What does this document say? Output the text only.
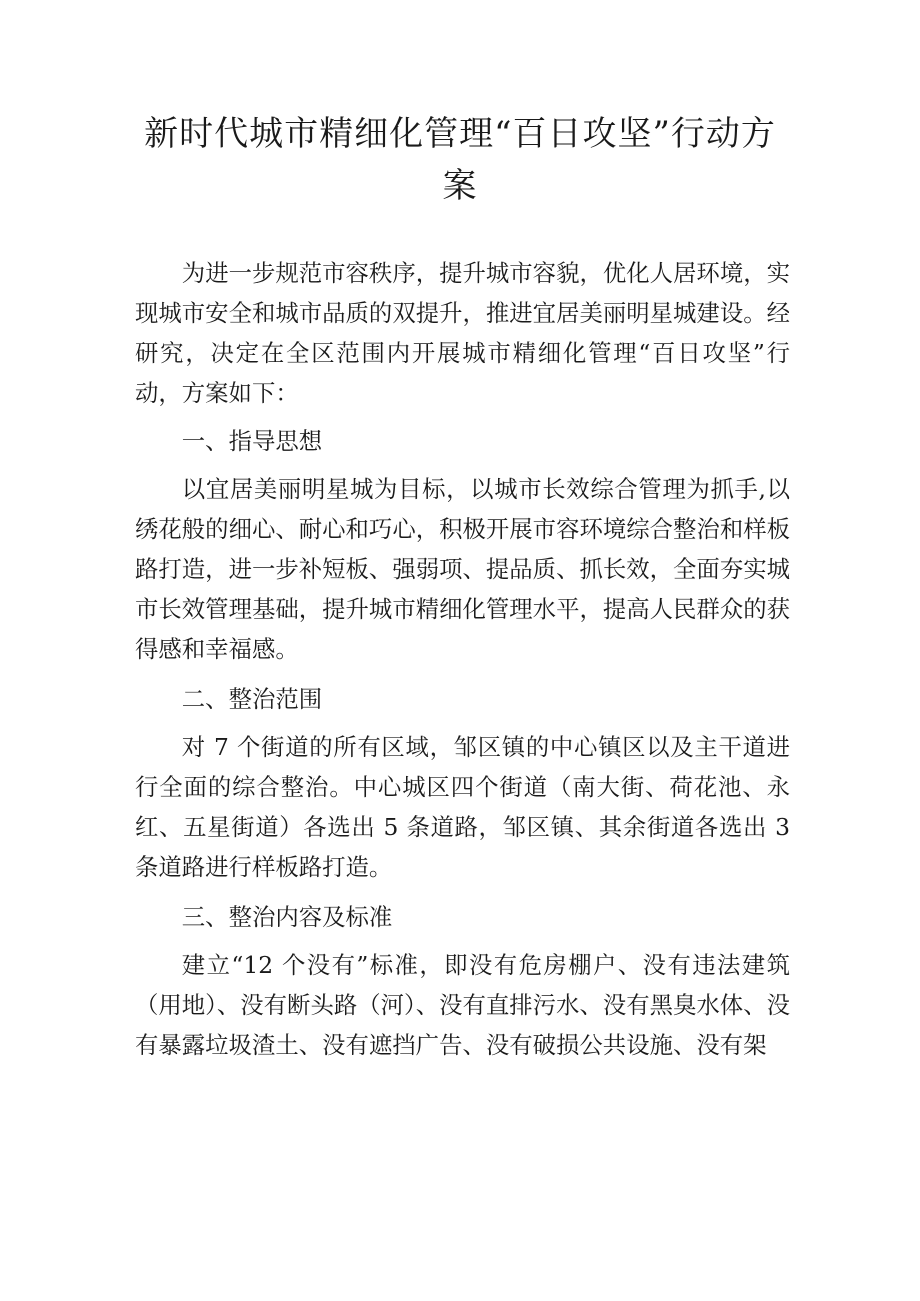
新时代城市精细化管理“百日攻坚”行动方案

为进一步规范市容秩序，提升城市容貌，优化人居环境，实现城市安全和城市品质的双提升，推进宜居美丽明星城建设。经研究，决定在全区范围内开展城市精细化管理“百日攻坚”行动，方案如下：

一、指导思想

以宜居美丽明星城为目标，以城市长效综合管理为抓手,以绣花般的细心、耐心和巧心，积极开展市容环境综合整治和样板路打造，进一步补短板、强弱项、提品质、抓长效，全面夯实城市长效管理基础，提升城市精细化管理水平，提高人民群众的获得感和幸福感。

二、整治范围

对 7 个街道的所有区域，邹区镇的中心镇区以及主干道进行全面的综合整治。中心城区四个街道（南大街、荷花池、永红、五星街道）各选出 5 条道路，邹区镇、其余街道各选出 3 条道路进行样板路打造。

三、整治内容及标准

建立“12 个没有”标准，即没有危房棚户、没有违法建筑（用地）、没有断头路（河）、没有直排污水、没有黑臭水体、没有暴露垃圾渣土、没有遮挡广告、没有破损公共设施、没有架
